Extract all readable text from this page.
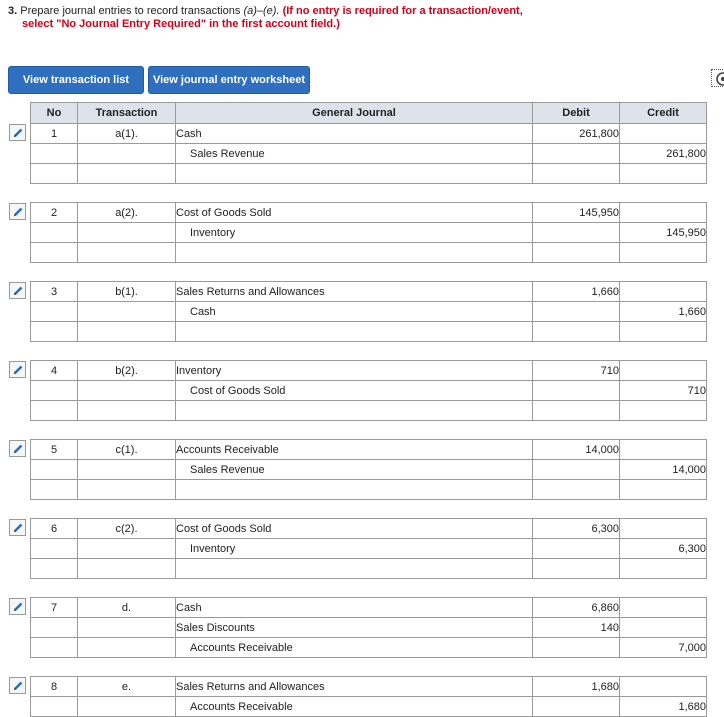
3. Prepare journal entries to record transactions (a)–(e). (If no entry is required for a transaction/event,
select "No Journal Entry Required" in the first account field.)
View transaction list	View journal entry worksheet
No	Transaction	General Journal	Debit	Credit
1	a(1).	Cash	261,800	
		Sales Revenue		261,800

2	a(2).	Cost of Goods Sold	145,950	
		Inventory		145,950

3	b(1).	Sales Returns and Allowances	1,660	
		Cash		1,660

4	b(2).	Inventory	710	
		Cost of Goods Sold		710

5	c(1).	Accounts Receivable	14,000	
		Sales Revenue		14,000

6	c(2).	Cost of Goods Sold	6,300	
		Inventory		6,300

7	d.	Cash	6,860	
		Sales Discounts	140	
		Accounts Receivable		7,000

8	e.	Sales Returns and Allowances	1,680	
		Accounts Receivable		1,680
